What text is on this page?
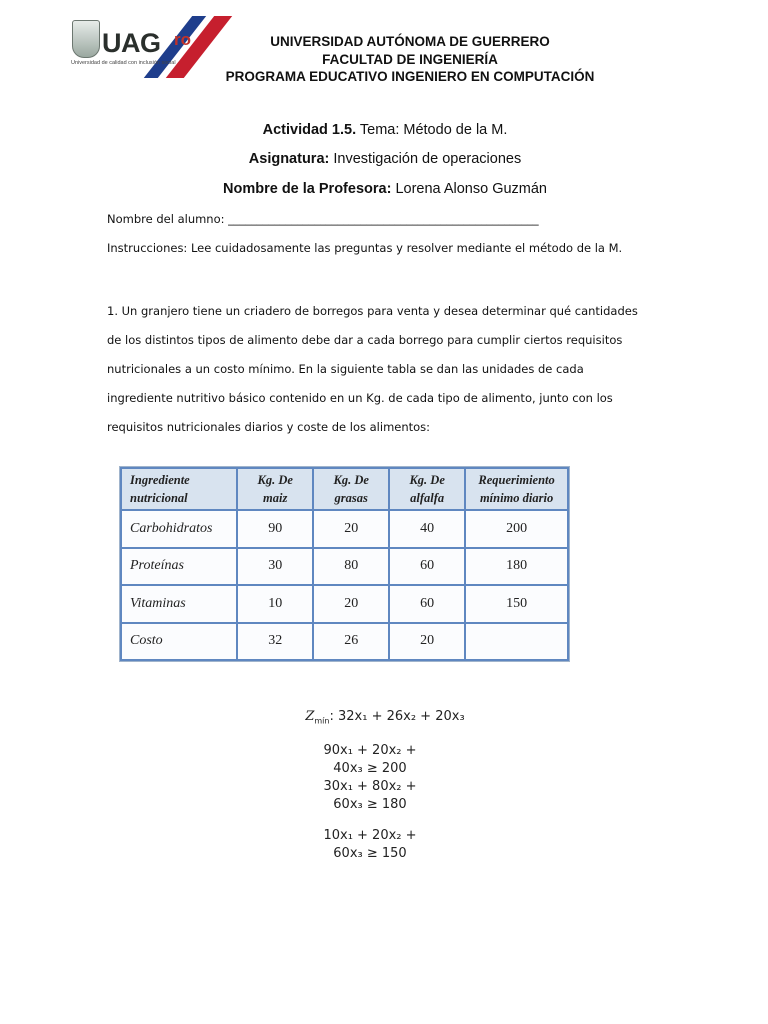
UAG ro
Universidad de calidad con inclusión social
UNIVERSIDAD AUTÓNOMA DE GUERRERO
FACULTAD DE INGENIERÍA
PROGRAMA EDUCATIVO INGENIERO EN COMPUTACIÓN
Actividad 1.5. Tema: Método de la M.
Asignatura: Investigación de operaciones
Nombre de la Profesora: Lorena Alonso Guzmán
Nombre del alumno: ______________________________________________________
Instrucciones: Lee cuidadosamente las preguntas y resolver mediante el método de la M.
1. Un granjero tiene un criadero de borregos para venta y desea determinar qué cantidades de los distintos tipos de alimento debe dar a cada borrego para cumplir ciertos requisitos nutricionales a un costo mínimo. En la siguiente tabla se dan las unidades de cada ingrediente nutritivo básico contenido en un Kg. de cada tipo de alimento, junto con los requisitos nutricionales diarios y coste de los alimentos:
Ingrediente nutricional	Kg. De maiz	Kg. De grasas	Kg. De alfalfa	Requerimiento mínimo diario
Carbohidratos	90	20	40	200
Proteínas	30	80	60	180
Vitaminas	10	20	60	150
Costo	32	26	20	
$Z_{mín}$: 32x₁ + 26x₂ + 20x₃
90x₁ + 20x₂ +
40x₃ ≥ 200
30x₁ + 80x₂ +
60x₃ ≥ 180
10x₁ + 20x₂ +
60x₃ ≥ 150
